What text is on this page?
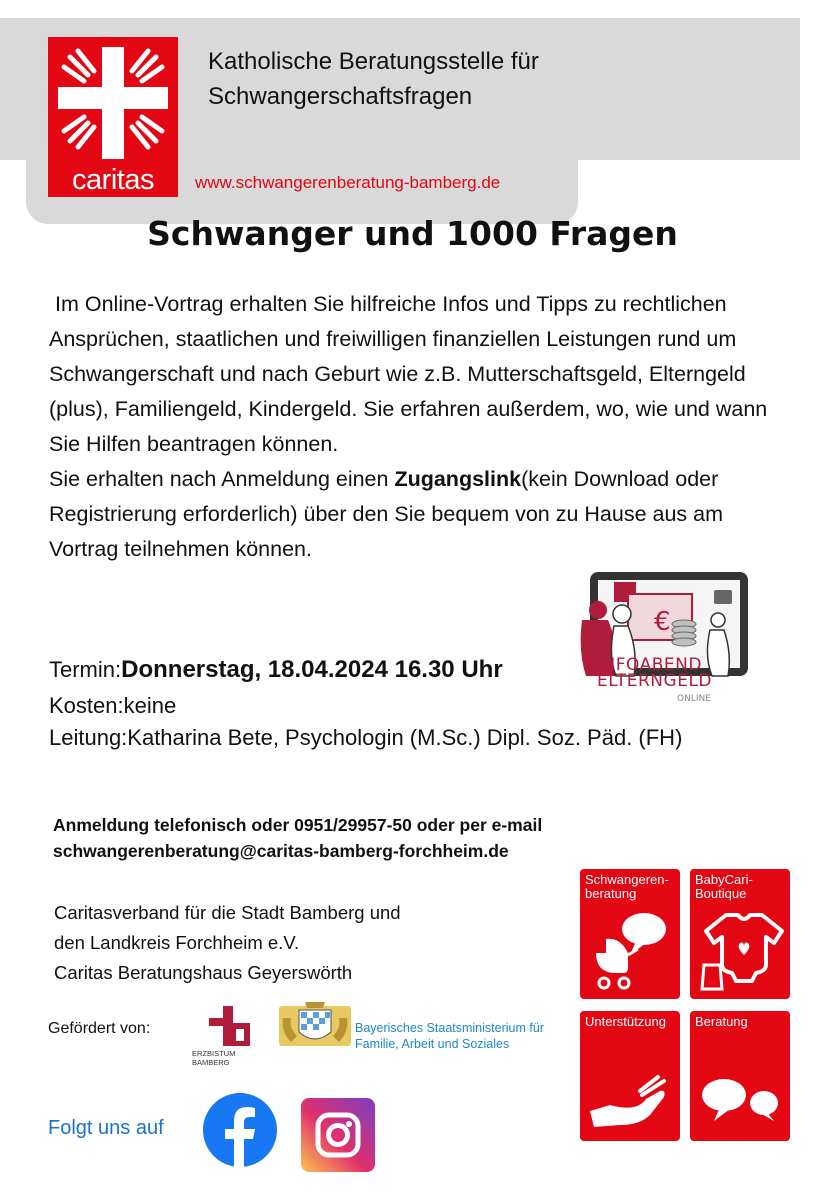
caritas
Katholische Beratungsstelle für
Schwangerschaftsfragen
www.schwangerenberatung-bamberg.de
Schwanger und 1000 Fragen

Im Online-Vortrag erhalten Sie hilfreiche Infos und Tipps zu rechtlichen Ansprüchen, staatlichen und freiwilligen finanziellen Leistungen rund um Schwangerschaft und nach Geburt wie z.B. Mutterschaftsgeld, Elterngeld (plus), Familiengeld, Kindergeld. Sie erfahren außerdem, wo, wie und wann Sie Hilfen beantragen können.

Sie erhalten nach Anmeldung einen Zugangslink(kein Download oder Registrierung erforderlich) über den Sie bequem von zu Hause aus am Vortrag teilnehmen können.

€
INFOABEND
ELTERNGELD
ONLINE
Termin:Donnerstag, 18.04.2024 16.30 Uhr
Kosten:keine
Leitung:Katharina Bete, Psychologin (M.Sc.) Dipl. Soz. Päd. (FH)
Anmeldung telefonisch oder 0951/29957-50 oder per e-mail
schwangerenberatung@caritas-bamberg-forchheim.de
Caritasverband für die Stadt Bamberg und
den Landkreis Forchheim e.V.
Caritas Beratungshaus Geyerswörth
Gefördert von:
ERZBISTUM
BAMBERG
Bayerisches Staatsministerium für
Familie, Arbeit und Soziales
Folgt uns auf
Schwangeren-
beratung
BabyCari-
Boutique
Unterstützung Beratung
